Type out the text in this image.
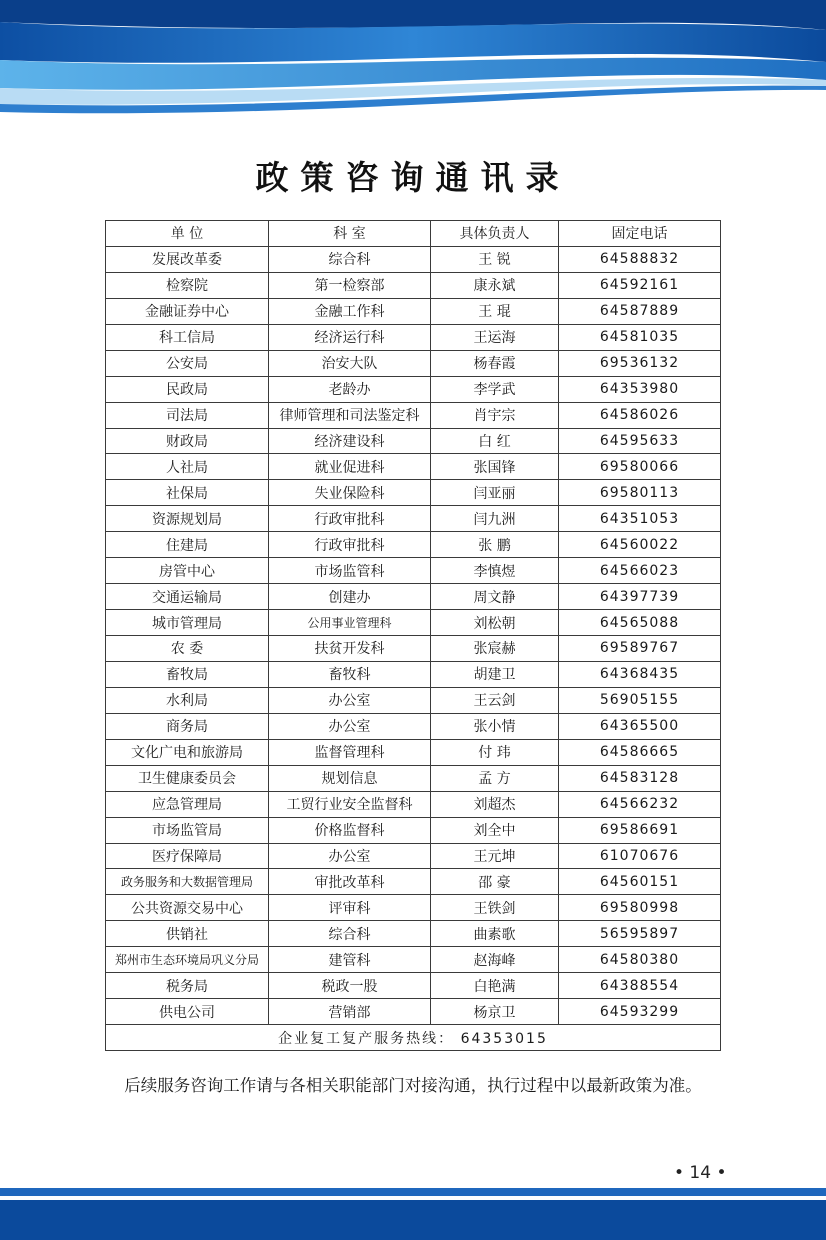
政策咨询通讯录
单 位	科 室	具体负责人	固定电话
发展改革委	综合科	王 锐	64588832
检察院	第一检察部	康永斌	64592161
金融证券中心	金融工作科	王 琨	64587889
科工信局	经济运行科	王运海	64581035
公安局	治安大队	杨春霞	69536132
民政局	老龄办	李学武	64353980
司法局	律师管理和司法鉴定科	肖宇宗	64586026
财政局	经济建设科	白 红	64595633
人社局	就业促进科	张国锋	69580066
社保局	失业保险科	闫亚丽	69580113
资源规划局	行政审批科	闫九洲	64351053
住建局	行政审批科	张 鹏	64560022
房管中心	市场监管科	李慎煜	64566023
交通运输局	创建办	周文静	64397739
城市管理局	公用事业管理科	刘松朝	64565088
农 委	扶贫开发科	张宸赫	69589767
畜牧局	畜牧科	胡建卫	64368435
水利局	办公室	王云剑	56905155
商务局	办公室	张小情	64365500
文化广电和旅游局	监督管理科	付 玮	64586665
卫生健康委员会	规划信息	孟 方	64583128
应急管理局	工贸行业安全监督科	刘超杰	64566232
市场监管局	价格监督科	刘全中	69586691
医疗保障局	办公室	王元坤	61070676
政务服务和大数据管理局	审批改革科	邵 豪	64560151
公共资源交易中心	评审科	王铁剑	69580998
供销社	综合科	曲素歌	56595897
郑州市生态环境局巩义分局	建管科	赵海峰	64580380
税务局	税政一股	白艳满	64388554
供电公司	营销部	杨京卫	64593299
企业复工复产服务热线： 64353015			
后续服务咨询工作请与各相关职能部门对接沟通，执行过程中以最新政策为准。
• 14 •
